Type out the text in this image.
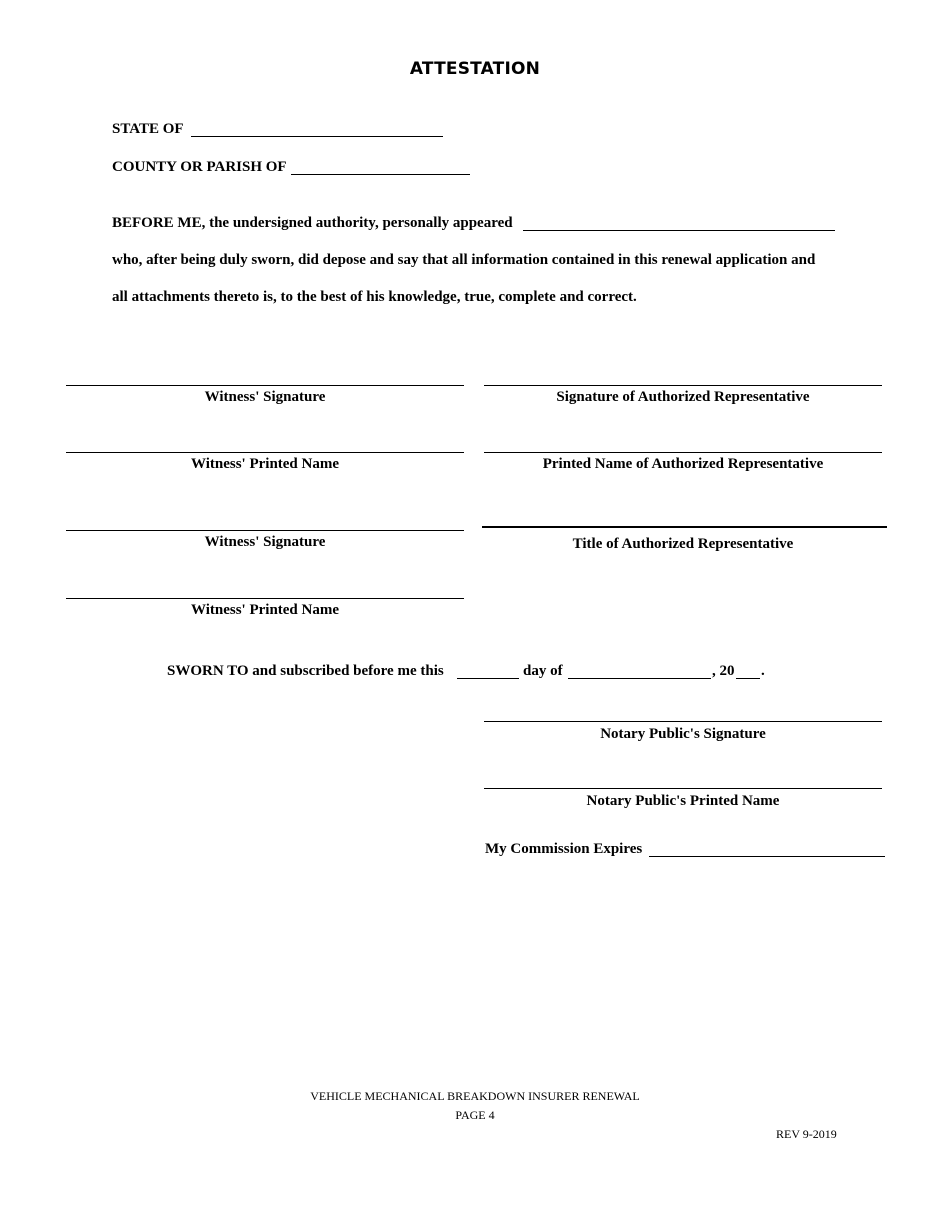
ATTESTATION
STATE OF
COUNTY OR PARISH OF
BEFORE ME, the undersigned authority, personally appeared
who, after being duly sworn, did depose and say that all information contained in this renewal application and
all attachments thereto is, to the best of his knowledge, true, complete and correct.
Witness' Signature
Witness' Printed Name
Witness' Signature
Witness' Printed Name
Signature of Authorized Representative
Printed Name of Authorized Representative
Title of Authorized Representative
SWORN TO and subscribed before me this	day of	, 20 .
Notary Public's Signature
Notary Public's Printed Name
My Commission Expires
VEHICLE MECHANICAL BREAKDOWN INSURER RENEWAL
PAGE 4
REV 9-2019
